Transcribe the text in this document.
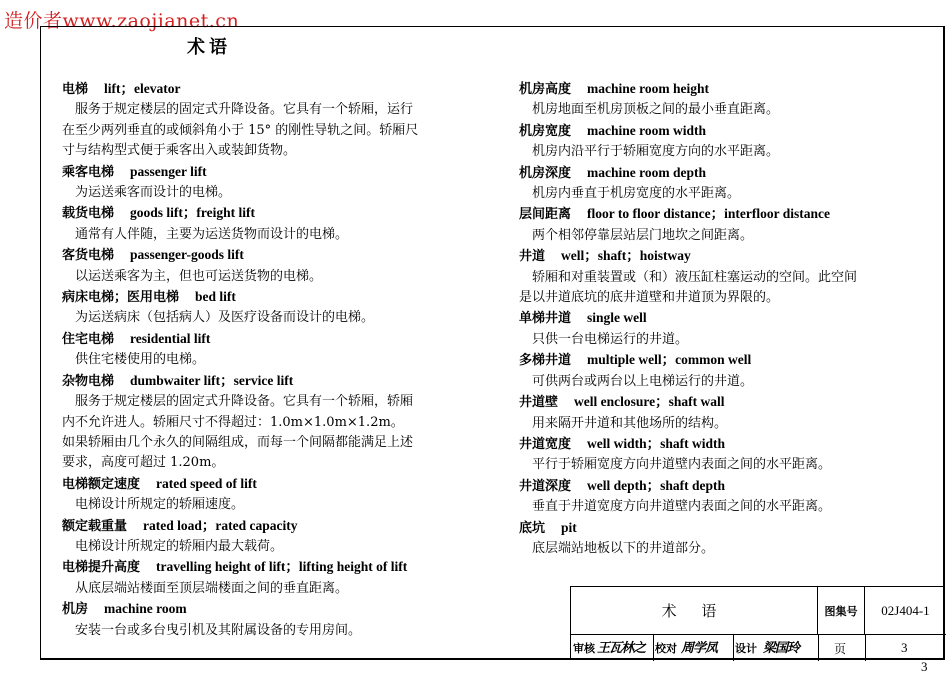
造价者www.zaojianet.cn
术语
电梯 lift；elevator
服务于规定楼层的固定式升降设备。它具有一个轿厢，运行
在至少两列垂直的或倾斜角小于 15° 的刚性导轨之间。轿厢尺
寸与结构型式便于乘客出入或装卸货物。
乘客电梯 passenger lift
为运送乘客而设计的电梯。
载货电梯 goods lift；freight lift
通常有人伴随，主要为运送货物而设计的电梯。
客货电梯 passenger-goods lift
以运送乘客为主，但也可运送货物的电梯。
病床电梯；医用电梯 bed lift
为运送病床（包括病人）及医疗设备而设计的电梯。
住宅电梯 residential lift
供住宅楼使用的电梯。
杂物电梯 dumbwaiter lift；service lift
服务于规定楼层的固定式升降设备。它具有一个轿厢，轿厢
内不允许进人。轿厢尺寸不得超过：1.0m×1.0m×1.2m。
如果轿厢由几个永久的间隔组成，而每一个间隔都能满足上述
要求，高度可超过 1.20m。
电梯额定速度 rated speed of lift
电梯设计所规定的轿厢速度。
额定载重量 rated load；rated capacity
电梯设计所规定的轿厢内最大载荷。
电梯提升高度 travelling height of lift；lifting height of lift
从底层端站楼面至顶层端楼面之间的垂直距离。
机房 machine room
安装一台或多台曳引机及其附属设备的专用房间。
机房高度 machine room height
机房地面至机房顶板之间的最小垂直距离。
机房宽度 machine room width
机房内沿平行于轿厢宽度方向的水平距离。
机房深度 machine room depth
机房内垂直于机房宽度的水平距离。
层间距离 floor to floor distance；interfloor distance
两个相邻停靠层站层门地坎之间距离。
井道 well；shaft；hoistway
轿厢和对重装置或（和）液压缸柱塞运动的空间。此空间
是以井道底坑的底井道壁和井道顶为界限的。
单梯井道 single well
只供一台电梯运行的井道。
多梯井道 multiple well；common well
可供两台或两台以上电梯运行的井道。
井道壁 well enclosure；shaft wall
用来隔开井道和其他场所的结构。
井道宽度 well width；shaft width
平行于轿厢宽度方向井道壁内表面之间的水平距离。
井道深度 well depth；shaft depth
垂直于井道宽度方向井道壁内表面之间的水平距离。
底坑 pit
底层端站地板以下的井道部分。
术 语	图集号	02J404-1
审核 王瓦林之 校对 周学凤 设计 梁国玲	页	3
3
